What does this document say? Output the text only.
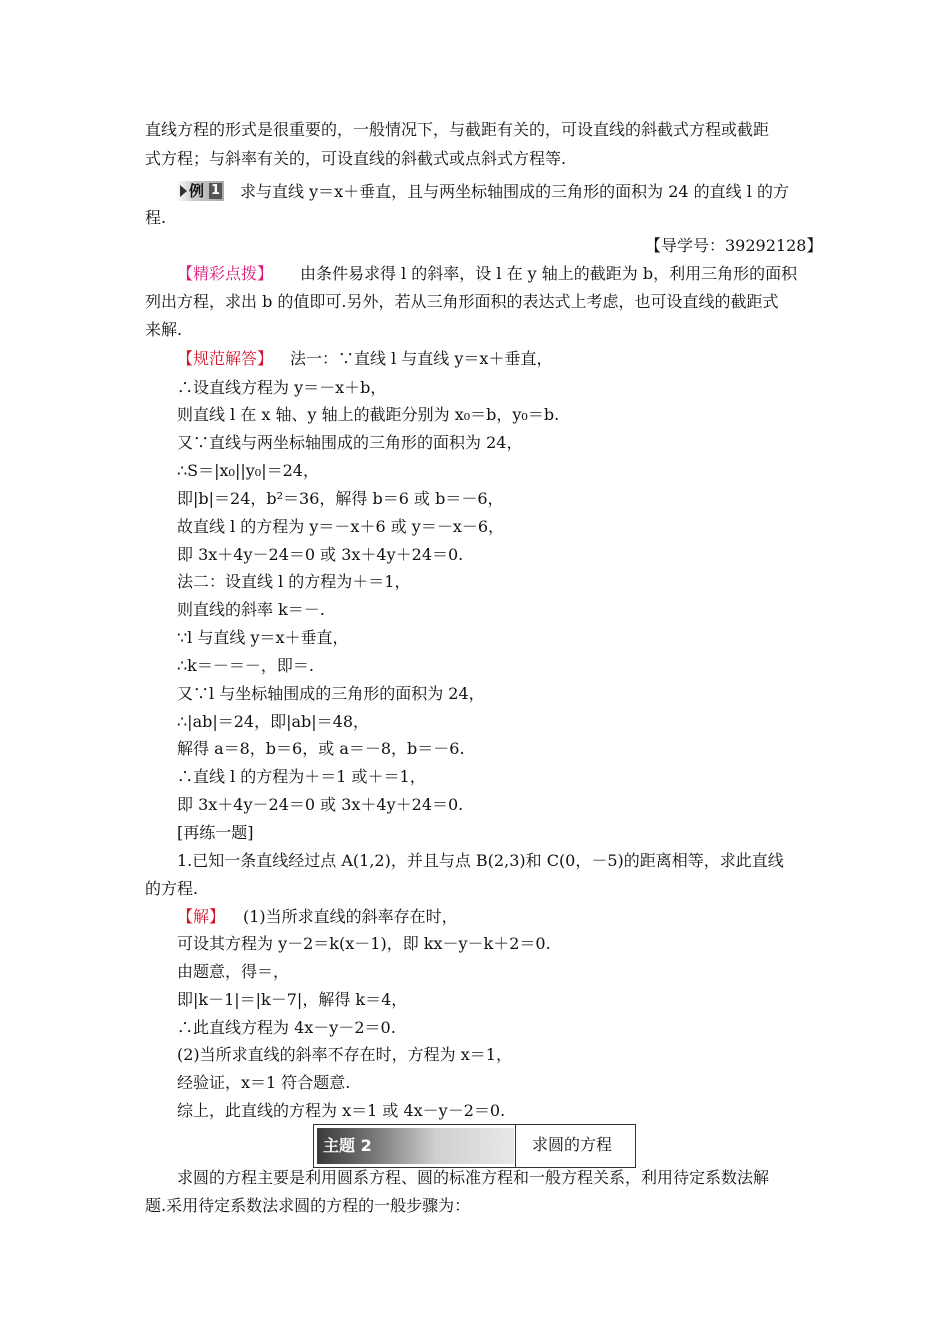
直线方程的形式是很重要的，一般情况下，与截距有关的，可设直线的斜截式方程或截距
式方程；与斜率有关的，可设直线的斜截式或点斜式方程等.
例 1 求与直线 y＝x＋垂直，且与两坐标轴围成的三角形的面积为 24 的直线 l 的方
程.
【导学号：39292128】
【精彩点拨】 由条件易求得 l 的斜率，设 l 在 y 轴上的截距为 b，利用三角形的面积
列出方程，求出 b 的值即可.另外，若从三角形面积的表达式上考虑，也可设直线的截距式
来解.
【规范解答】 法一：∵直线 l 与直线 y＝x＋垂直，
∴设直线方程为 y＝－x＋b，
则直线 l 在 x 轴、y 轴上的截距分别为 x₀＝b，y₀＝b.
又∵直线与两坐标轴围成的三角形的面积为 24，
∴S＝|x₀||y₀|＝24，
即|b|＝24，b²＝36，解得 b＝6 或 b＝－6，
故直线 l 的方程为 y＝－x＋6 或 y＝－x－6，
即 3x＋4y－24＝0 或 3x＋4y＋24＝0.
法二：设直线 l 的方程为＋＝1，
则直线的斜率 k＝－.
∵l 与直线 y＝x＋垂直，
∴k＝－＝－，即＝.
又∵l 与坐标轴围成的三角形的面积为 24，
∴|ab|＝24，即|ab|＝48，
解得 a＝8，b＝6，或 a＝－8，b＝－6.
∴直线 l 的方程为＋＝1 或＋＝1，
即 3x＋4y－24＝0 或 3x＋4y＋24＝0.
[再练一题]
1.已知一条直线经过点 A(1,2)，并且与点 B(2,3)和 C(0，－5)的距离相等，求此直线
的方程.
【解】 (1)当所求直线的斜率存在时，
可设其方程为 y－2＝k(x－1)，即 kx－y－k＋2＝0.
由题意，得＝，
即|k－1|＝|k－7|，解得 k＝4，
∴此直线方程为 4x－y－2＝0.
(2)当所求直线的斜率不存在时，方程为 x＝1，
经验证，x＝1 符合题意.
综上，此直线的方程为 x＝1 或 4x－y－2＝0.
主题 2	求圆的方程
求圆的方程主要是利用圆系方程、圆的标准方程和一般方程关系，利用待定系数法解
题.采用待定系数法求圆的方程的一般步骤为：
